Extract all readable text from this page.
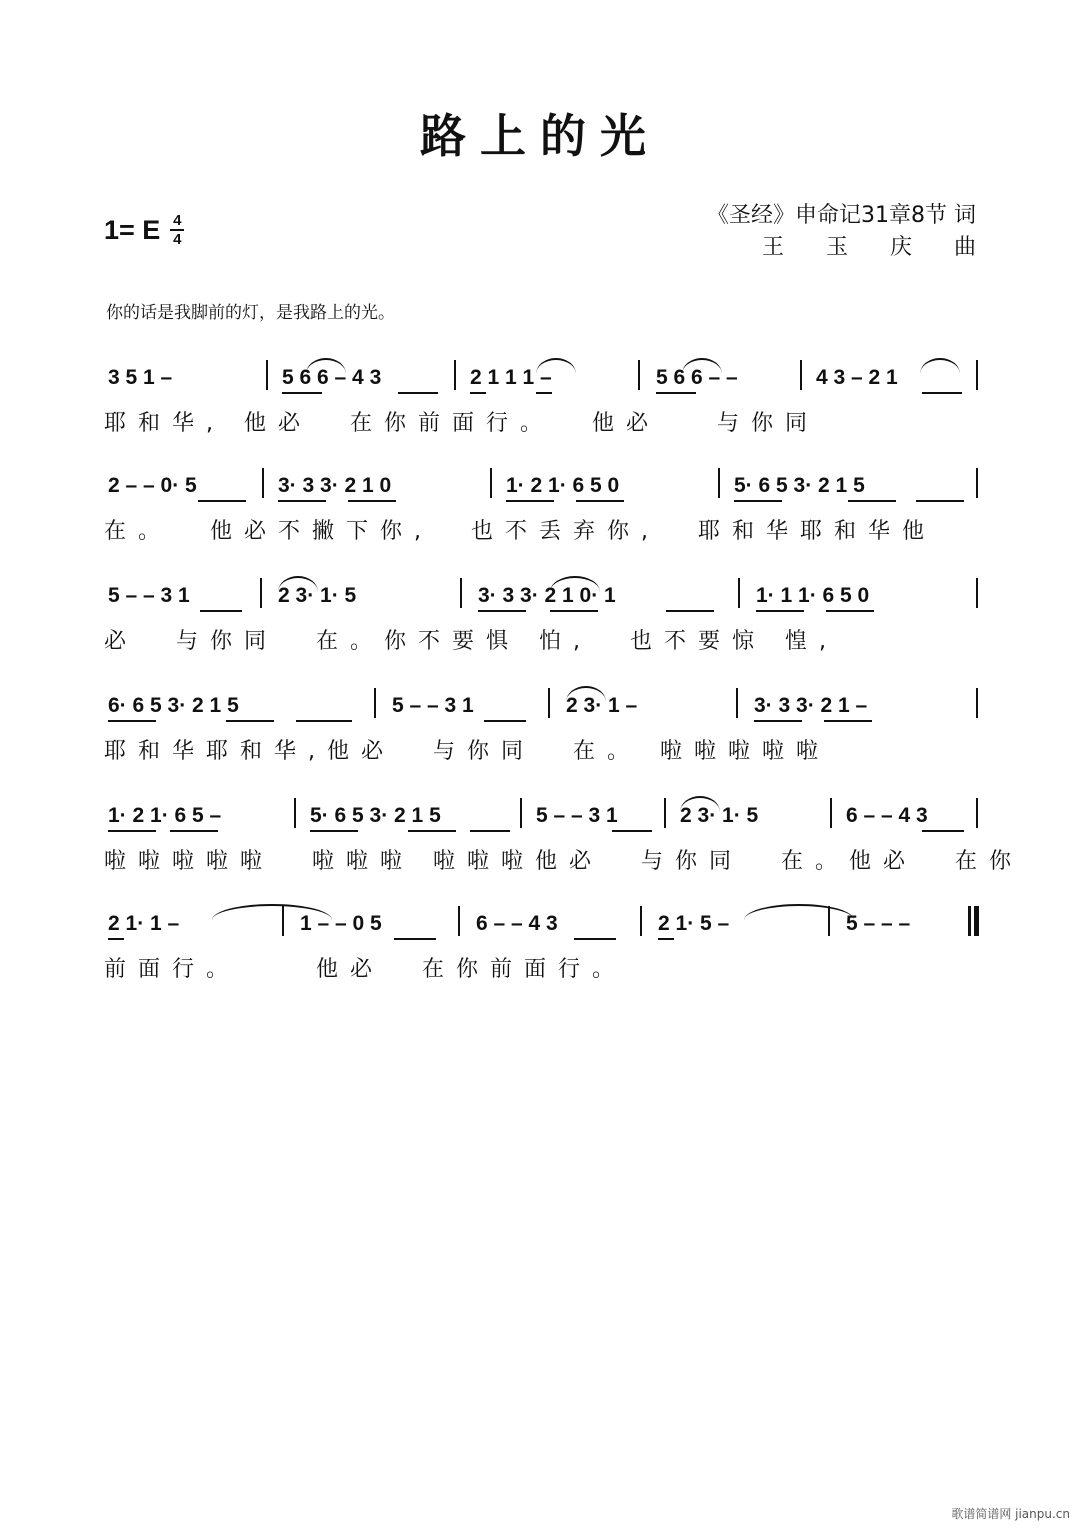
路上的光
1= E $\frac{4}{4}$	《圣经》申命记31章8节 词
王玉庆曲
你的话是我脚前的灯，是我路上的光。
3 5 1 –	5 6 6 – 4 3	2 1 1 1 –	5 6 6 – –	4 3 – 2 1
耶和华, 他必  在你前面行。  他必   与你同
2 – – 0· 5	3· 3 3· 2 1 0	1· 2 1· 6 5 0	5· 6 5 3· 2 1 5
在。  他必不撇下你,  也不丢弃你,  耶和华耶和华他
5 – – 3 1	2 3· 1· 5	3· 3 3· 2 1 0· 1	1· 1 1· 6 5 0
必  与你同  在。你不要惧 怕,  也不要惊 惶,
6· 6 5 3· 2 1 5	5 – – 3 1	2 3· 1 –	3· 3 3· 2 1 –
耶和华耶和华,他必  与你同  在。 啦啦啦啦啦
1· 2 1· 6 5 –	5· 6 5 3· 2 1 5	5 – – 3 1	2 3· 1· 5	6 – – 4 3
啦啦啦啦啦  啦啦啦 啦啦啦他必  与你同  在。他必  在你
2 1· 1 –	1 – – 0 5	6 – – 4 3	2 1· 5 –	5 – – –
前面行。    他必  在你前面行。
歌谱简谱网 jianpu.cn
